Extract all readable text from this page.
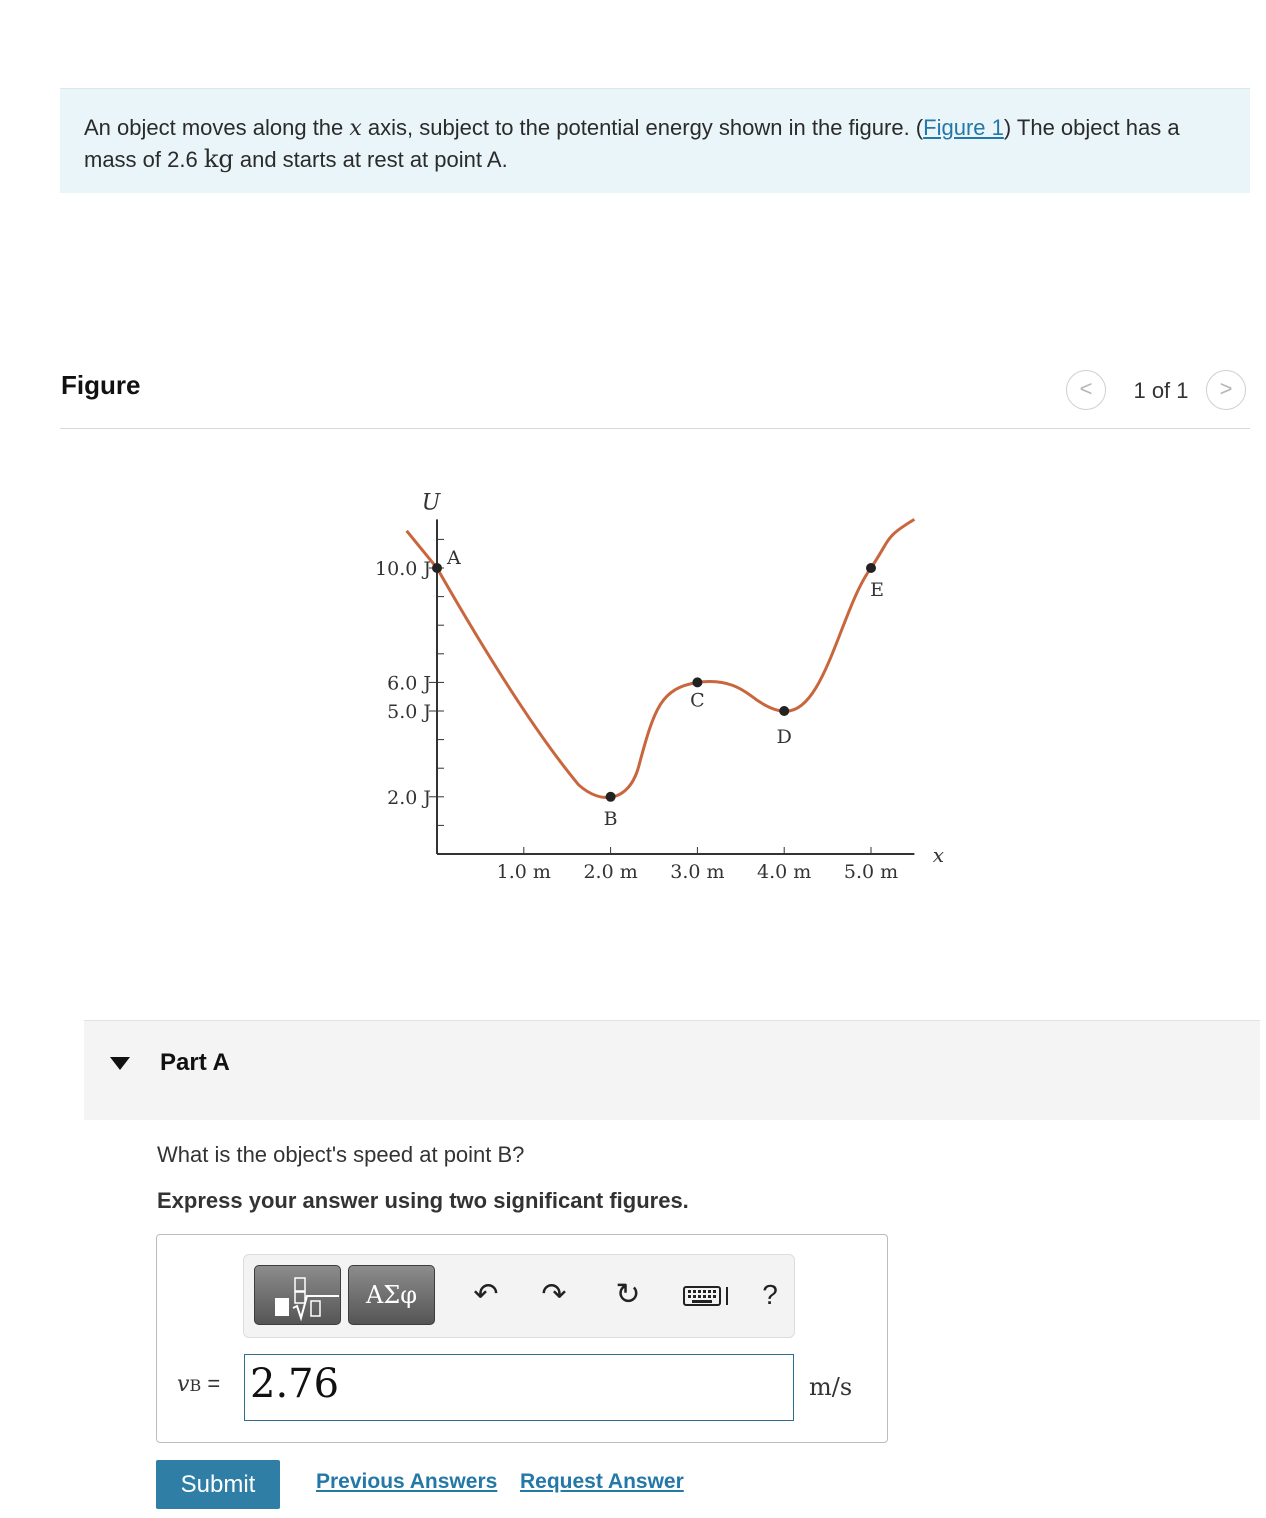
An object moves along the x axis, subject to the potential energy shown in the figure. (Figure 1) The object has a mass of 2.6 kg and starts at rest at point A.
Figure	<	1 of 1	>
1.0 m 2.0 m 3.0 m 4.0 m 5.0 m
10.0 J
6.0 J
5.0 J
2.0 J
U
x
A
B
C
D
E
Part A
What is the object's speed at point B?
Express your answer using two significant figures.
ΑΣφ	↶ ↷ ↻	?
vB = 2.76	m/s
Submit	Previous Answers Request Answer
